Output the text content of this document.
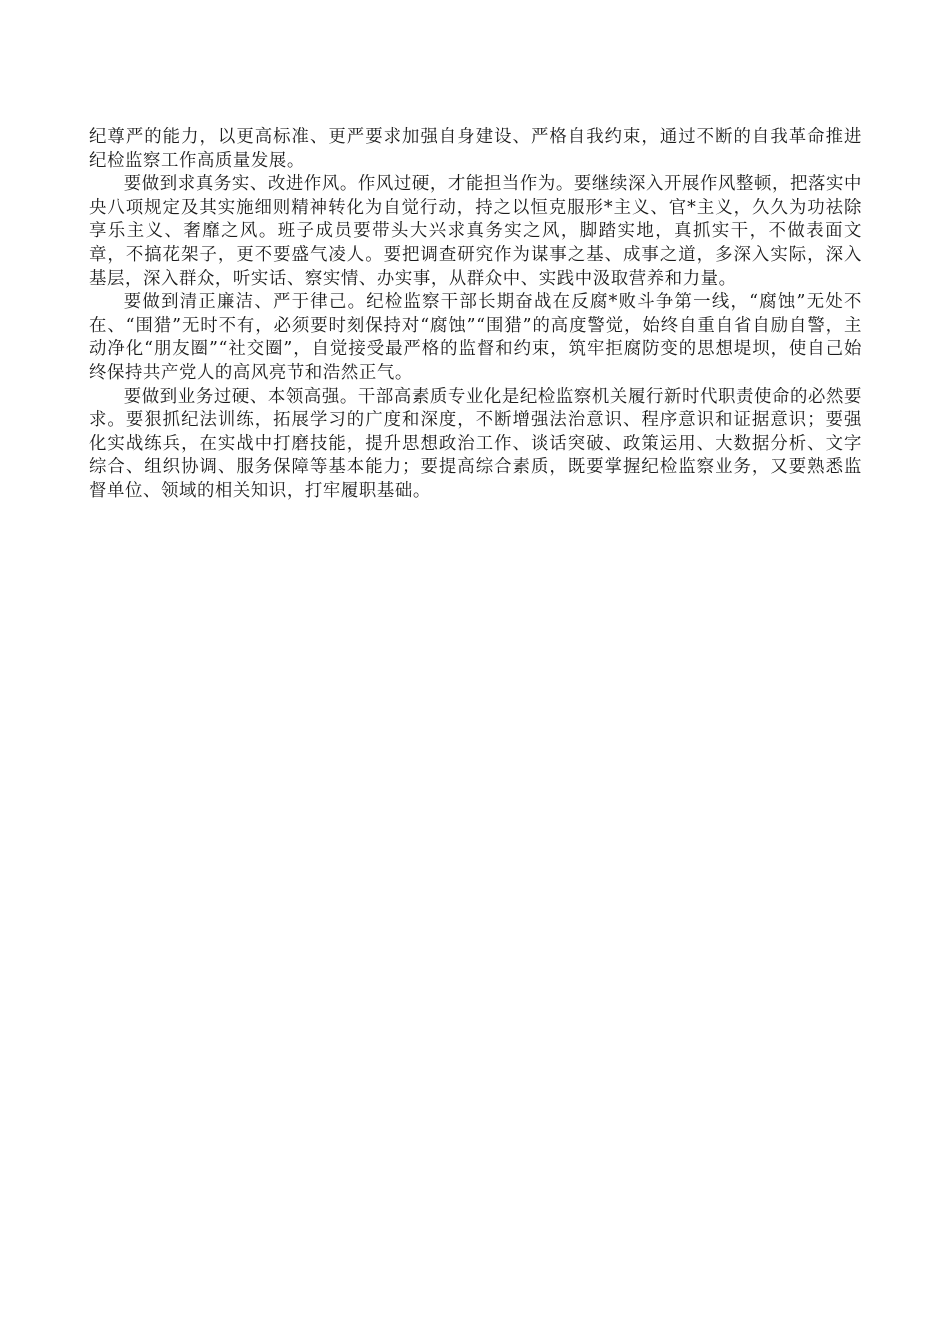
纪尊严的能力，以更高标准、更严要求加强自身建设、严格自我约束，通过不断的自我革命推进纪检监察工作高质量发展。

要做到求真务实、改进作风。作风过硬，才能担当作为。要继续深入开展作风整顿，把落实中央八项规定及其实施细则精神转化为自觉行动，持之以恒克服形*主义、官*主义，久久为功祛除享乐主义、奢靡之风。班子成员要带头大兴求真务实之风，脚踏实地，真抓实干，不做表面文章，不搞花架子，更不要盛气凌人。要把调查研究作为谋事之基、成事之道，多深入实际，深入基层，深入群众，听实话、察实情、办实事，从群众中、实践中汲取营养和力量。

要做到清正廉洁、严于律己。纪检监察干部长期奋战在反腐*败斗争第一线，“腐蚀”无处不在、“围猎”无时不有，必须要时刻保持对“腐蚀”“围猎”的高度警觉，始终自重自省自励自警，主动净化“朋友圈”“社交圈”，自觉接受最严格的监督和约束，筑牢拒腐防变的思想堤坝，使自己始终保持共产党人的高风亮节和浩然正气。

要做到业务过硬、本领高强。干部高素质专业化是纪检监察机关履行新时代职责使命的必然要求。要狠抓纪法训练，拓展学习的广度和深度，不断增强法治意识、程序意识和证据意识；要强化实战练兵，在实战中打磨技能，提升思想政治工作、谈话突破、政策运用、大数据分析、文字综合、组织协调、服务保障等基本能力；要提高综合素质，既要掌握纪检监察业务，又要熟悉监督单位、领域的相关知识，打牢履职基础。
